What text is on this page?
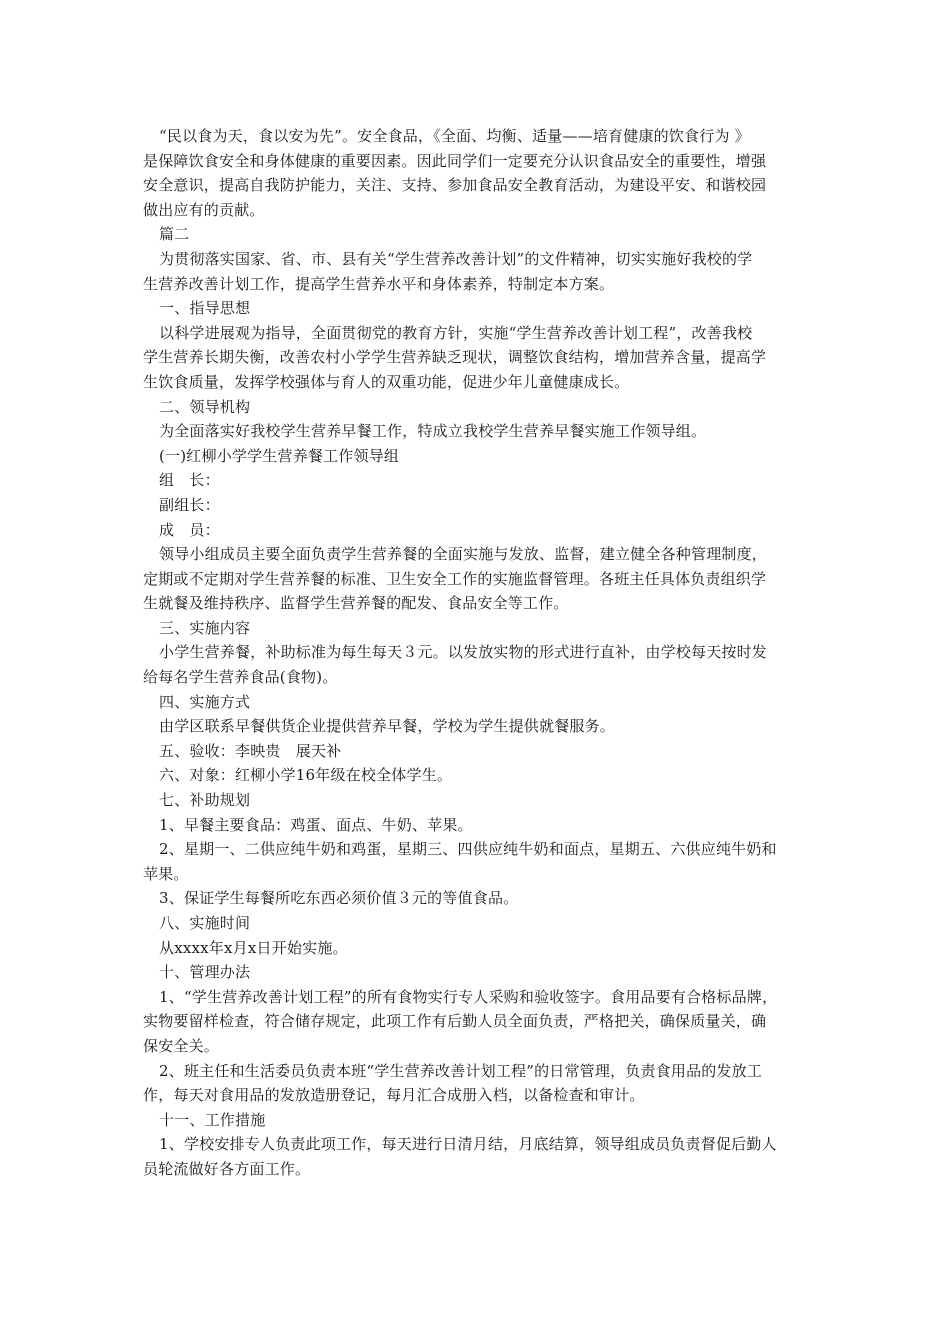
“民以食为天，食以安为先”。安全食品，《全面、均衡、适量——培育健康的饮食行为 》
是保障饮食安全和身体健康的重要因素。因此同学们一定要充分认识食品安全的重要性，增强
安全意识，提高自我防护能力，关注、支持、参加食品安全教育活动，为建设平安、和谐校园
做出应有的贡献。
篇二
为贯彻落实国家、省、市、县有关“学生营养改善计划”的文件精神，切实实施好我校的学
生营养改善计划工作，提高学生营养水平和身体素养，特制定本方案。
一、指导思想
以科学进展观为指导，全面贯彻党的教育方针，实施“学生营养改善计划工程”，改善我校
学生营养长期失衡，改善农村小学学生营养缺乏现状，调整饮食结构，增加营养含量，提高学
生饮食质量，发挥学校强体与育人的双重功能，促进少年儿童健康成长。
二、领导机构
为全面落实好我校学生营养早餐工作，特成立我校学生营养早餐实施工作领导组。
(一)红柳小学学生营养餐工作领导组
组　长：
副组长：
成　员：
领导小组成员主要全面负责学生营养餐的全面实施与发放、监督，建立健全各种管理制度，
定期或不定期对学生营养餐的标准、卫生安全工作的实施监督管理。各班主任具体负责组织学
生就餐及维持秩序、监督学生营养餐的配发、食品安全等工作。
三、实施内容
小学生营养餐，补助标准为每生每天３元。以发放实物的形式进行直补，由学校每天按时发
给每名学生营养食品(食物)。
四、实施方式
由学区联系早餐供货企业提供营养早餐，学校为学生提供就餐服务。
五、验收：李映贵　展天补
六、对象：红柳小学16年级在校全体学生。
七、补助规划
1、早餐主要食品：鸡蛋、面点、牛奶、苹果。
2、星期一、二供应纯牛奶和鸡蛋，星期三、四供应纯牛奶和面点，星期五、六供应纯牛奶和
苹果。
3、保证学生每餐所吃东西必须价值３元的等值食品。
八、实施时间
从xxxx年x月x日开始实施。
十、管理办法
1、“学生营养改善计划工程”的所有食物实行专人采购和验收签字。食用品要有合格标品牌，
实物要留样检查，符合储存规定，此项工作有后勤人员全面负责，严格把关，确保质量关，确
保安全关。
2、班主任和生活委员负责本班“学生营养改善计划工程”的日常管理，负责食用品的发放工
作，每天对食用品的发放造册登记，每月汇合成册入档，以备检查和审计。
十一、工作措施
1、学校安排专人负责此项工作，每天进行日清月结，月底结算，领导组成员负责督促后勤人
员轮流做好各方面工作。
